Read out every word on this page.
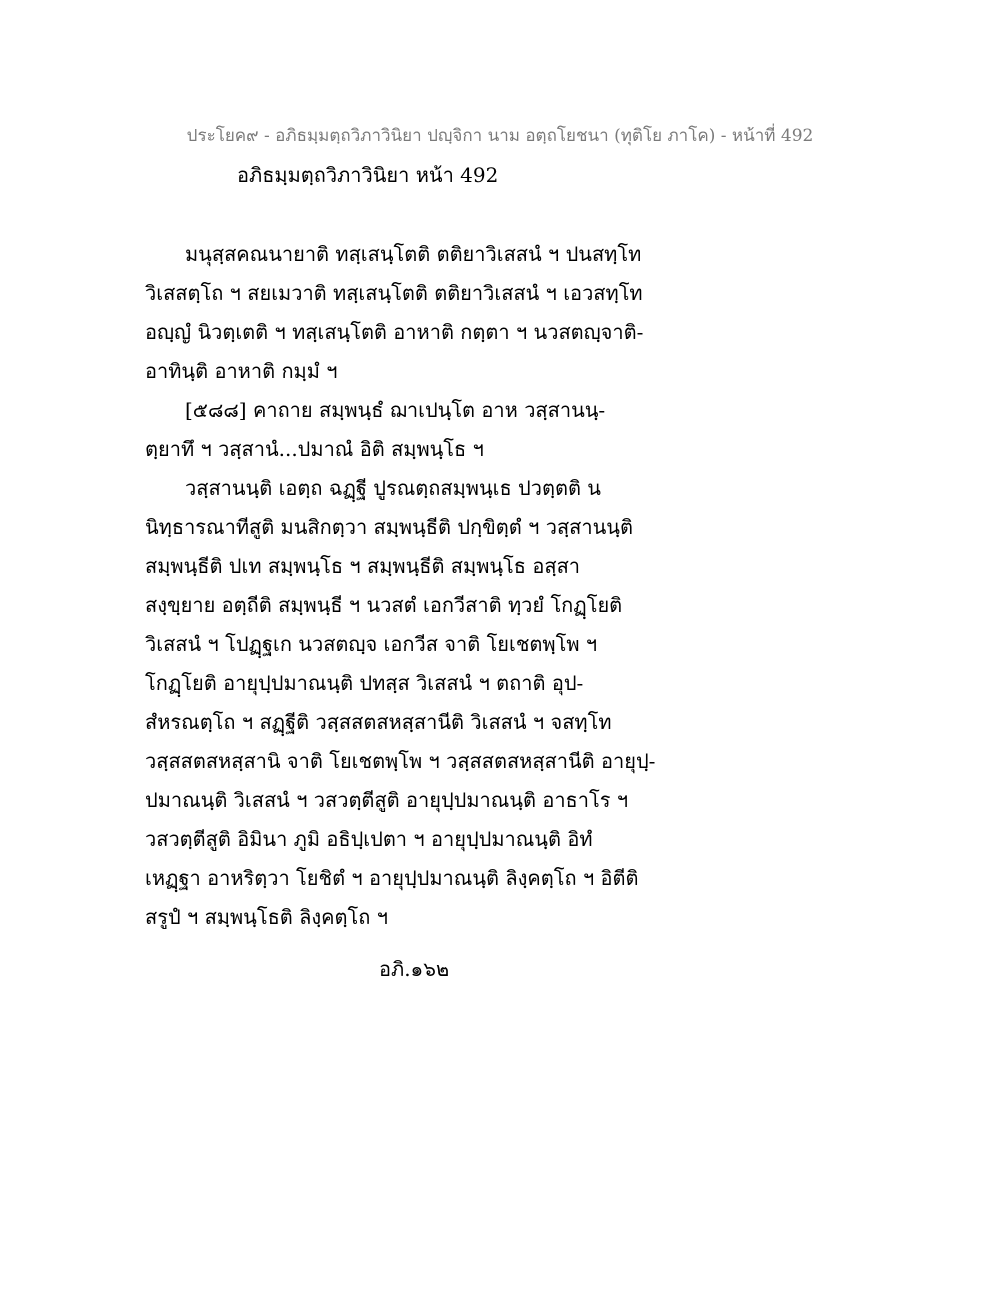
ประโยค๙ - อภิธมฺมตฺถวิภาวินิยา ปญฺจิกา นาม อตฺถโยชนา (ทุติโย ภาโค) - หน้าที่ 492
อภิธมฺมตฺถวิภาวินิยา หน้า 492
มนุสฺสคณนายาติ ทสฺเสนฺโตติ ตติยาวิเสสนํ ฯ ปนสทฺโท
วิเสสตฺโถ ฯ สยเมวาติ ทสฺเสนฺโตติ ตติยาวิเสสนํ ฯ เอวสทฺโท
อญฺญํ นิวตฺเตติ ฯ ทสฺเสนฺโตติ อาหาติ กตฺตา ฯ นวสตญฺจาติ-
อาทินฺติ อาหาติ กมฺมํ ฯ
[๕๘๘] คาถาย สมฺพนฺธํ ฌาเปนฺโต อาห วสฺสานนฺ-
ตฺยาทึ ฯ วสฺสานํ...ปมาณํ อิติ สมฺพนฺโธ ฯ
วสฺสานนฺติ เอตฺถ ฉฏฺฐี ปูรณตฺถสมฺพนฺเธ ปวตฺตติ น
นิทฺธารณาทีสูติ มนสิกตฺวา สมฺพนฺธีติ ปกฺขิตฺตํ ฯ วสฺสานนฺติ
สมฺพนฺธีติ ปเท สมฺพนฺโธ ฯ สมฺพนฺธีติ สมฺพนฺโธ อสฺสา
สงฺขฺยาย อตฺถีติ สมฺพนฺธี ฯ นวสตํ เอกวีสาติ ทฺวยํ โกฏฺโยติ
วิเสสนํ ฯ โปฏฺฐเก นวสตญฺจ เอกวีส จาติ โยเชตพฺโพ ฯ
โกฏฺโยติ อายุปฺปมาณนฺติ ปทสฺส วิเสสนํ ฯ ตถาติ อุป-
สํหรณตฺโถ ฯ สฏฺฐีติ วสฺสสตสหสฺสานีติ วิเสสนํ ฯ จสทฺโท
วสฺสสตสหสฺสานิ จาติ โยเชตพฺโพ ฯ วสฺสสตสหสฺสานีติ อายุปฺ-
ปมาณนฺติ วิเสสนํ ฯ วสวตฺตีสูติ อายุปฺปมาณนฺติ อาธาโร ฯ
วสวตฺตีสูติ อิมินา ภูมิ อธิปฺเปตา ฯ อายุปฺปมาณนฺติ อิทํ
เหฏฺฐา อาหริตฺวา โยชิตํ ฯ อายุปฺปมาณนฺติ ลิงฺคตฺโถ ฯ อิตีติ
สรูปํ ฯ สมฺพนฺโธติ ลิงฺคตฺโถ ฯ
อภิ.๑๖๒
